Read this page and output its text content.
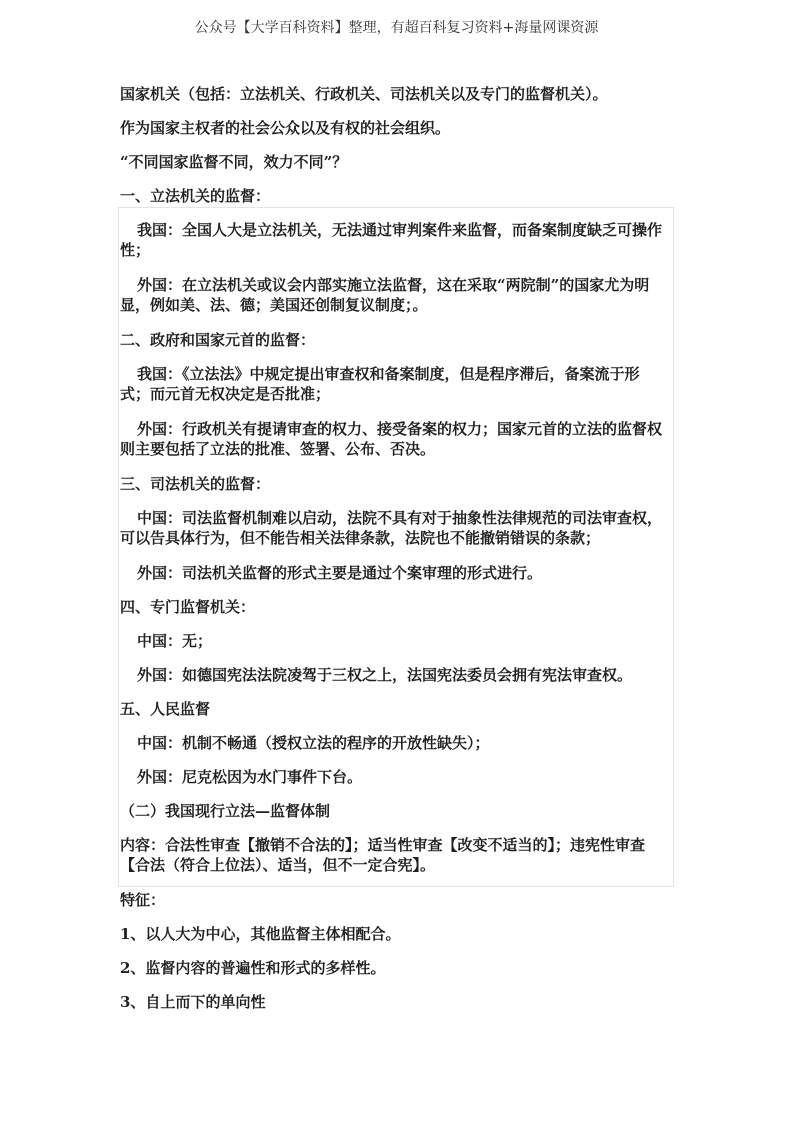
公众号【大学百科资料】整理，有超百科复习资料+海量网课资源
国家机关（包括：立法机关、行政机关、司法机关以及专门的监督机关）。
作为国家主权者的社会公众以及有权的社会组织。
“不同国家监督不同，效力不同”？
一、立法机关的监督：
我国：全国人大是立法机关，无法通过审判案件来监督，而备案制度缺乏可操作性；
外国：在立法机关或议会内部实施立法监督，这在采取“两院制”的国家尤为明显，例如美、法、德；美国还创制复议制度；。
二、政府和国家元首的监督：
我国：《立法法》中规定提出审查权和备案制度，但是程序滞后，备案流于形式；而元首无权决定是否批准；
外国：行政机关有提请审查的权力、接受备案的权力；国家元首的立法的监督权则主要包括了立法的批准、签署、公布、否决。
三、司法机关的监督：
中国：司法监督机制难以启动，法院不具有对于抽象性法律规范的司法审查权，可以告具体行为，但不能告相关法律条款，法院也不能撤销错误的条款；
外国：司法机关监督的形式主要是通过个案审理的形式进行。
四、专门监督机关：
中国：无；
外国：如德国宪法法院凌驾于三权之上，法国宪法委员会拥有宪法审查权。
五、人民监督
中国：机制不畅通（授权立法的程序的开放性缺失）；
外国：尼克松因为水门事件下台。
（二）我国现行立法—监督体制
内容：合法性审查【撤销不合法的】；适当性审查【改变不适当的】；违宪性审查【合法（符合上位法）、适当，但不一定合宪】。
特征：
1、以人大为中心，其他监督主体相配合。
2、监督内容的普遍性和形式的多样性。
3、自上而下的单向性
